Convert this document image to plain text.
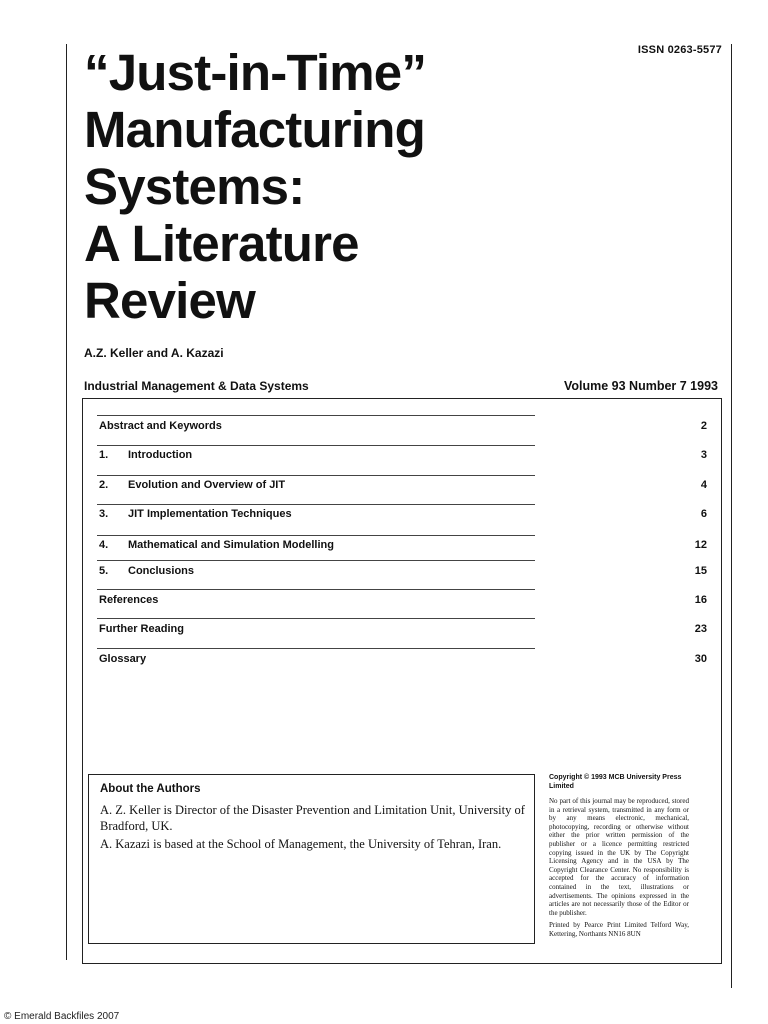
ISSN 0263-5577
“Just-in-Time”
Manufacturing
Systems:
A Literature
Review
A.Z. Keller and A. Kazazi
Industrial Management & Data Systems	Volume 93 Number 7 1993
Abstract and Keywords	2
1. Introduction	3
2. Evolution and Overview of JIT	4
3. JIT Implementation Techniques	6
4. Mathematical and Simulation Modelling	12
5. Conclusions	15
References	16
Further Reading	23
Glossary	30
About the Authors

A. Z. Keller is Director of the Disaster Prevention and Limitation Unit, University of Bradford, UK.

A. Kazazi is based at the School of Management, the University of Tehran, Iran.

Copyright © 1993 MCB University Press Limited

No part of this journal may be reproduced, stored in a retrieval system, transmitted in any form or by any means electronic, mechanical, photocopying, recording or otherwise without either the prior written permission of the publisher or a licence permitting restricted copying issued in the UK by The Copyright Licensing Agency and in the USA by The Copyright Clearance Center. No responsibility is accepted for the accuracy of information contained in the text, illustrations or advertisements. The opinions expressed in the articles are not necessarily those of the Editor or the publisher.

Printed by Pearce Print Limited Telford Way, Kettering, Northants NN16 8UN

© Emerald Backfiles 2007
